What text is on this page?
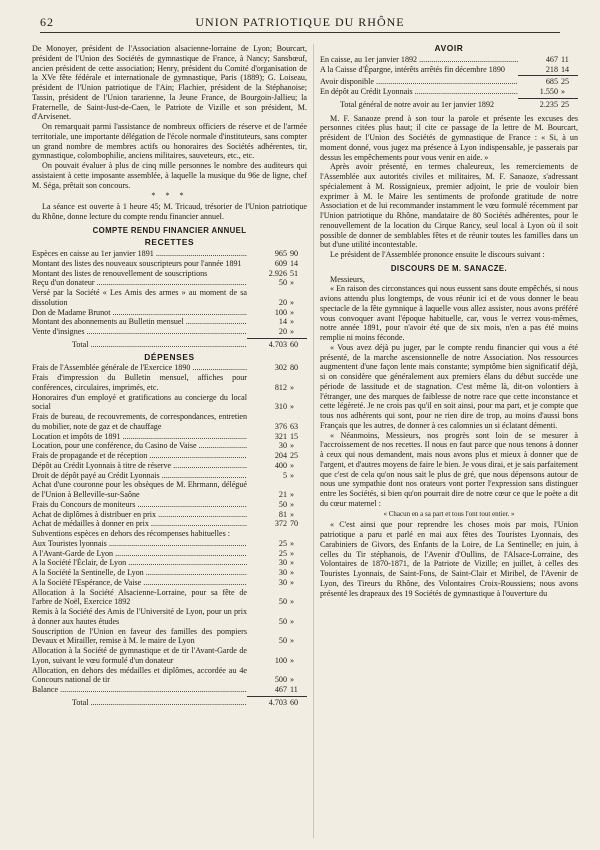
62	UNION PATRIOTIQUE DU RHÔNE

De Monoyer, président de l'Association alsacienne-lorraine de Lyon; Bourcart, président de l'Union des Sociétés de gymnastique de France, à Nancy; Sansbœuf, ancien président de cette association; Henry, président du Comité d'organisation de la XVe fête fédérale et internationale de gymnastique, Paris (1889); G. Loiseau, président de l'Union patriotique de l'Ain; Flachier, président de la Stéphanoise; Tassin, président de l'Union tararienne, la Jeune France, de Bourgoin-Jallieu; la Fraternelle, de Saint-Just-de-Caen, le Patriote de Vizille et son président, M. d'Arvisenet.

On remarquait parmi l'assistance de nombreux officiers de réserve et de l'armée territoriale, une importante délégation de l'école normale d'instituteurs, sans compter un grand nombre de membres actifs ou honoraires des Sociétés adhérentes, tir, gymnastique, colombophilie, anciens militaires, sauveteurs, etc., etc.

On pouvait évaluer à plus de cinq mille personnes le nombre des auditeurs qui assistaient à cette imposante assemblée, à laquelle la musique du 96e de ligne, chef M. Séga, prêtait son concours.

* * *

La séance est ouverte à 1 heure 45; M. Tricaud, trésorier de l'Union patriotique du Rhône, donne lecture du compte rendu financier annuel.

COMPTE RENDU FINANCIER ANNUEL
RECETTES
Espèces en caisse au 1er janvier 1891 .....	965 90
Montant des listes des nouveaux souscripteurs pour l'année 1891	609 14
Montant des listes de renouvellement de souscriptions	2.926 51
Reçu d'un donateur .....	50 »
Versé par la Société « Les Amis des armes » au moment de sa dissolution	20 »
Don de Madame Brunot .....	100 »
Montant des abonnements au Bulletin mensuel .....	14 »
Vente d'insignes .....	20 »
Total .....	4.703 60
DÉPENSES
Frais de l'Assemblée générale de l'Exercice 1890 .....	302 80
Frais d'impression du Bulletin mensuel, affiches pour conférences, circulaires, imprimés, etc.	812 »
Honoraires d'un employé et gratifications au concierge du local social	310 »
Frais de bureau, de recouvrements, de correspondances, entretien du mobilier, note de gaz et de chauffage	376 63
Location et impôts de 1891 .....	321 15
Location, pour une conférence, du Casino de Vaise .....	30 »
Frais de propagande et de réception .....	204 25
Dépôt au Crédit Lyonnais à titre de réserve .....	400 »
Droit de dépôt payé au Crédit Lyonnais .....	5 »
Achat d'une couronne pour les obsèques de M. Ehrmann, délégué de l'Union à Belleville-sur-Saône	21 »
Frais du Concours de moniteurs .....	50 »
Achat de diplômes à distribuer en prix .....	81 »
Achat de médailles à donner en prix .....	372 70
Subventions espèces en dehors des récompenses habituelles :
Aux Touristes lyonnais .....	25 »
A l'Avant-Garde de Lyon .....	25 »
A la Société l'Éclair, de Lyon .....	30 »
A la Société la Sentinelle, de Lyon .....	30 »
A la Société l'Espérance, de Vaise .....	30 »
Allocation à la Société Alsacienne-Lorraine, pour sa fête de l'arbre de Noël, Exercice 1892	50 »
Remis à la Société des Amis de l'Université de Lyon, pour un prix à donner aux hautes études	50 »
Souscription de l'Union en faveur des familles des pompiers Devaux et Mirailler, remise à M. le maire de Lyon	50 »
Allocation à la Société de gymnastique et de tir l'Avant-Garde de Lyon, suivant le vœu formulé d'un donateur	100 »
Allocation, en dehors des médailles et diplômes, accordée au 4e Concours national de tir	500 »
Balance .....	467 11
Total .....	4.703 60
AVOIR
En caisse, au 1er janvier 1892 .....	467 11
A la Caisse d'Épargne, intérêts arrêtés fin décembre 1890	218 14
Avoir disponible .....	685 25
En dépôt au Crédit Lyonnais .....	1.550 »
Total général de notre avoir au 1er janvier 1892	2.235 25

M. F. Sanaoze prend à son tour la parole et présente les excuses des personnes citées plus haut; il cite ce passage de la lettre de M. Bourcart, président de l'Union des Sociétés de gymnastique de France : « Si, à un moment donné, vous jugez ma présence à Lyon indispensable, je passerais par dessus les empêchements pour vous venir en aide. »

Après avoir présenté, en termes chaleureux, les remerciements de l'Assemblée aux autorités civiles et militaires, M. F. Sanaoze, s'adressant spécialement à M. Rossignieux, premier adjoint, le prie de vouloir bien exprimer à M. le Maire les sentiments de profonde gratitude de notre Association et de lui recommander instamment le vœu formulé récemment par l'Union patriotique du Rhône, mandataire de 80 Sociétés adhérentes, pour le renouvellement de la location du Cirque Rancy, seul local à Lyon où il soit possible de donner de semblables fêtes et de réunir toutes les familles dans un but d'une utilité incontestable.

Le président de l'Assemblée prononce ensuite le discours suivant :

DISCOURS DE M. SANACZE.

Messieurs,

« En raison des circonstances qui nous eussent sans doute empêchés, si nous avions attendu plus longtemps, de vous réunir ici et de vous donner le beau spectacle de la fête gymnique à laquelle vous allez assister, nous avons préféré vous convoquer avant l'époque habituelle, car, vous le verrez vous-mêmes, notre année 1891, pour n'avoir été que de six mois, n'en a pas été moins remplie ni moins féconde.

« Vous avez déjà pu juger, par le compte rendu financier qui vous a été présenté, de la marche ascensionnelle de notre Association. Nos ressources augmentent d'une façon lente mais constante; symptôme bien significatif déjà, si on considère que généralement aux premiers élans du début succède une période de lassitude et de stagnation. C'est même là, dit-on volontiers à l'étranger, une des marques de faiblesse de notre race que cette inconstance et cette légèreté. Je ne crois pas qu'il en soit ainsi, pour ma part, et je compte que tous nos adhérents qui sont, pour ne rien dire de trop, au moins d'aussi bons Français que les autres, de donner à ces calomnies un si éclatant démenti.

« Néanmoins, Messieurs, nos progrès sont loin de se mesurer à l'accroissement de nos recettes. Il nous en faut parce que nous tenons à donner à ceux qui nous demandent, mais nous avons plus et mieux à donner que de l'argent, et d'autres moyens de faire le bien. Je vous dirai, et je sais parfaitement que c'est de cela qu'on nous sait le plus de gré, que nous dépensons autour de nous une sympathie dont nos orateurs vont porter l'expression sans distinguer entre les Sociétés, si bien qu'on pourrait dire de notre cœur ce que le poète a dit du cœur maternel :

« Chacun en a sa part et tous l'ont tout entier. »

« C'est ainsi que pour reprendre les choses mois par mois, l'Union patriotique a paru et parlé en mai aux fêtes des Touristes Lyonnais, des Carabiniers de Givors, des Enfants de la Loire, de La Sentinelle; en juin, à celles du Tir stéphanois, de l'Avenir d'Oullins, de l'Alsace-Lorraine, des Volontaires de 1870-1871, de la Patriote de Vizille; en juillet, à celles des Touristes Lyonnais, de Saint-Fons, de Saint-Clair et Miribel, de l'Avenir de Lyon, des Tireurs du Rhône, des Volontaires Croix-Roussiens; nous avons présenté les drapeaux des 19 Sociétés de gymnastique à l'ouverture du
